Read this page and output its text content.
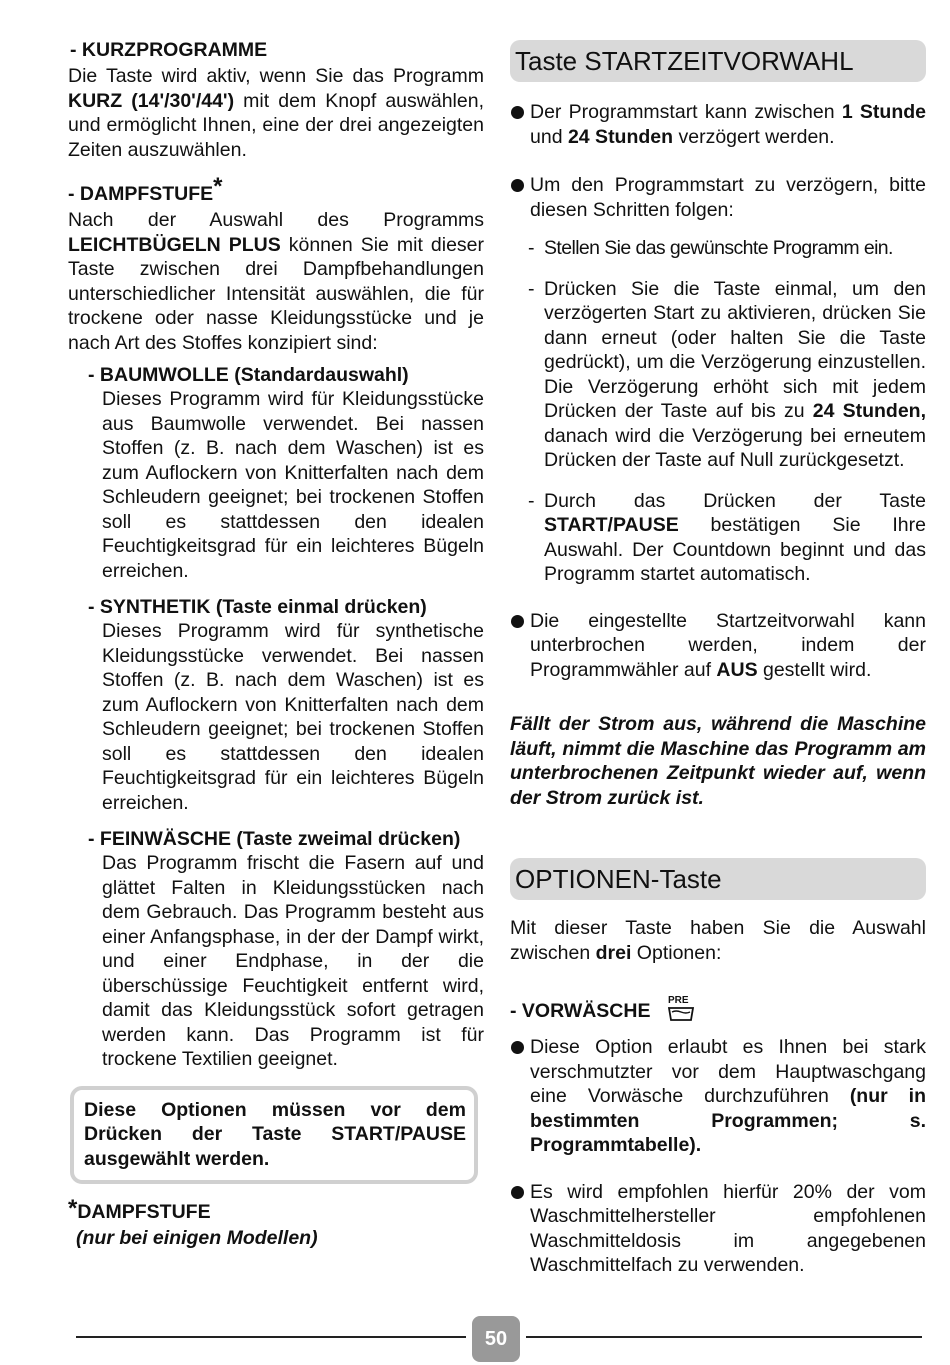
- KURZPROGRAMME

Die Taste wird aktiv, wenn Sie das Programm KURZ (14'/30'/44') mit dem Knopf auswählen, und ermöglicht Ihnen, eine der drei angezeigten Zeiten auszuwählen.

- DAMPFSTUFE*

Nach der Auswahl des Programms LEICHTBÜGELN PLUS können Sie mit dieser Taste zwischen drei Dampfbehandlungen unterschiedlicher Intensität auswählen, die für trockene oder nasse Kleidungsstücke und je nach Art des Stoffes konzipiert sind:

- BAUMWOLLE (Standardauswahl)

Dieses Programm wird für Kleidungsstücke aus Baumwolle verwendet. Bei nassen Stoffen (z. B. nach dem Waschen) ist es zum Auflockern von Knitterfalten nach dem Schleudern geeignet; bei trockenen Stoffen soll es stattdessen den idealen Feuchtigkeitsgrad für ein leichteres Bügeln erreichen.

- SYNTHETIK (Taste einmal drücken)

Dieses Programm wird für synthetische Kleidungsstücke verwendet. Bei nassen Stoffen (z. B. nach dem Waschen) ist es zum Auflockern von Knitterfalten nach dem Schleudern geeignet; bei trockenen Stoffen soll es stattdessen den idealen Feuchtigkeitsgrad für ein leichteres Bügeln erreichen.

- FEINWÄSCHE (Taste zweimal drücken)

Das Programm frischt die Fasern auf und glättet Falten in Kleidungsstücken nach dem Gebrauch. Das Programm besteht aus einer Anfangsphase, in der der Dampf wirkt, und einer Endphase, in der die überschüssige Feuchtigkeit entfernt wird, damit das Kleidungsstück sofort getragen werden kann. Das Programm ist für trockene Textilien geeignet.

Diese Optionen müssen vor dem Drücken der Taste START/PAUSE ausgewählt werden.

*DAMPFSTUFE

(nur bei einigen Modellen)

Taste STARTZEITVORWAHL
Der Programmstart kann zwischen 1 Stunde und 24 Stunden verzögert werden.
Um den Programmstart zu verzögern, bitte diesen Schritten folgen:
- Stellen Sie das gewünschte Programm ein.
- Drücken Sie die Taste einmal, um den verzögerten Start zu aktivieren, drücken Sie dann erneut (oder halten Sie die Taste gedrückt), um die Verzögerung einzustellen. Die Verzögerung erhöht sich mit jedem Drücken der Taste auf bis zu 24 Stunden, danach wird die Verzögerung bei erneutem Drücken der Taste auf Null zurückgesetzt.
- Durch das Drücken der Taste START/PAUSE bestätigen Sie Ihre Auswahl. Der Countdown beginnt und das Programm startet automatisch.
Die eingestellte Startzeitvorwahl kann unterbrochen werden, indem der Programmwähler auf AUS gestellt wird.

Fällt der Strom aus, während die Maschine läuft, nimmt die Maschine das Programm am unterbrochenen Zeitpunkt wieder auf, wenn der Strom zurück ist.

OPTIONEN-Taste

Mit dieser Taste haben Sie die Auswahl zwischen drei Optionen:

- VORWÄSCHE PRE

Diese Option erlaubt es Ihnen bei stark verschmutzter vor dem Hauptwaschgang eine Vorwäsche durchzuführen (nur in bestimmten Programmen; s. Programmtabelle).
Es wird empfohlen hierfür 20% der vom Waschmittelhersteller empfohlenen Waschmitteldosis im angegebenen Waschmittelfach zu verwenden.
50
